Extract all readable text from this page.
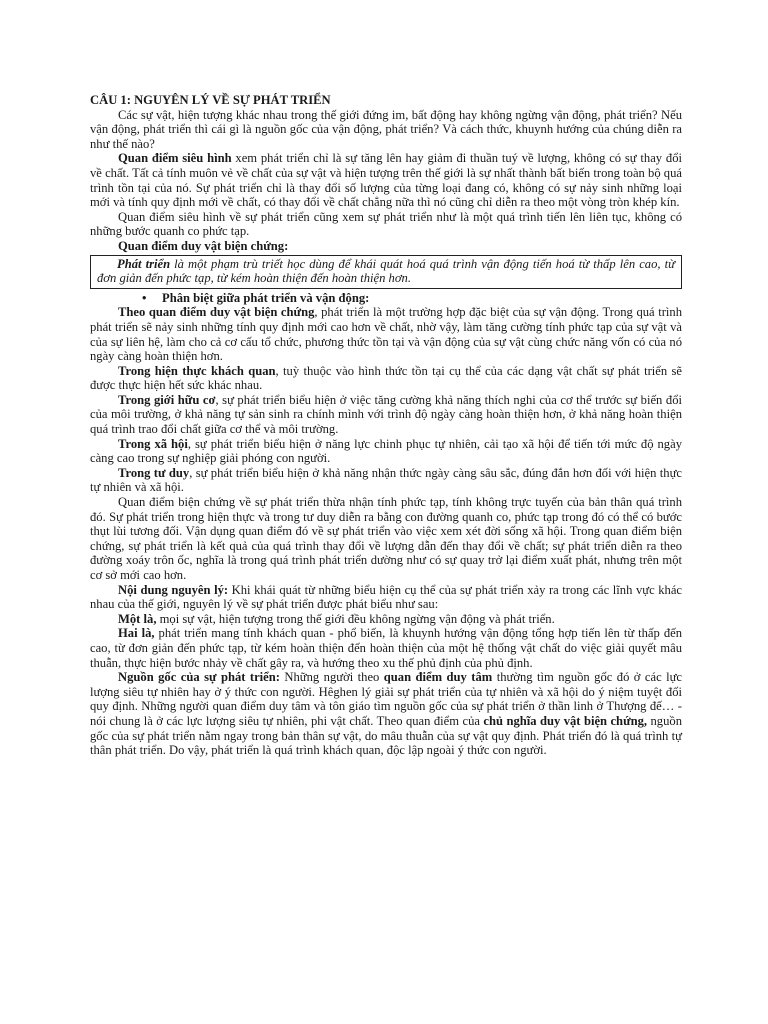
CÂU 1: NGUYÊN LÝ VỀ SỰ PHÁT TRIỂN

Các sự vật, hiện tượng khác nhau trong thế giới đứng im, bất động hay không ngừng vận động, phát triển? Nếu vận động, phát triển thì cái gì là nguồn gốc của vận động, phát triển? Và cách thức, khuynh hướng của chúng diễn ra như thế nào?

Quan điểm siêu hình xem phát triển chỉ là sự tăng lên hay giảm đi thuần tuý về lượng, không có sự thay đổi về chất. Tất cả tính muôn vẻ về chất của sự vật và hiện tượng trên thế giới là sự nhất thành bất biến trong toàn bộ quá trình tồn tại của nó. Sự phát triển chỉ là thay đổi số lượng của từng loại đang có, không có sự nảy sinh những loại mới và tính quy định mới về chất, có thay đổi về chất chẳng nữa thì nó cũng chỉ diễn ra theo một vòng tròn khép kín.

Quan điểm siêu hình về sự phát triển cũng xem sự phát triển như là một quá trình tiến lên liên tục, không có những bước quanh co phức tạp.

Quan điểm duy vật biện chứng:

Phát triển là một phạm trù triết học dùng để khái quát hoá quá trình vận động tiến hoá từ thấp lên cao, từ đơn giản đến phức tạp, từ kém hoàn thiện đến hoàn thiện hơn.

• Phân biệt giữa phát triển và vận động:

Theo quan điểm duy vật biện chứng, phát triển là một trường hợp đặc biệt của sự vận động. Trong quá trình phát triển sẽ nảy sinh những tính quy định mới cao hơn về chất, nhờ vậy, làm tăng cường tính phức tạp của sự vật và của sự liên hệ, làm cho cả cơ cấu tổ chức, phương thức tồn tại và vận động của sự vật cùng chức năng vốn có của nó ngày càng hoàn thiện hơn.

Trong hiện thực khách quan, tuỳ thuộc vào hình thức tồn tại cụ thể của các dạng vật chất sự phát triển sẽ được thực hiện hết sức khác nhau.

Trong giới hữu cơ, sự phát triển biểu hiện ở việc tăng cường khả năng thích nghi của cơ thể trước sự biến đổi của môi trường, ở khả năng tự sản sinh ra chính mình với trình độ ngày càng hoàn thiện hơn, ở khả năng hoàn thiện quá trình trao đổi chất giữa cơ thể và môi trường.

Trong xã hội, sự phát triển biểu hiện ở năng lực chinh phục tự nhiên, cải tạo xã hội để tiến tới mức độ ngày càng cao trong sự nghiệp giải phóng con người.

Trong tư duy, sự phát triển biểu hiện ở khả năng nhận thức ngày càng sâu sắc, đúng đắn hơn đối với hiện thực tự nhiên và xã hội.

Quan điểm biện chứng về sự phát triển thừa nhận tính phức tạp, tính không trực tuyến của bản thân quá trình đó. Sự phát triển trong hiện thực và trong tư duy diễn ra bằng con đường quanh co, phức tạp trong đó có thể có bước thụt lùi tương đối. Vận dụng quan điểm đó về sự phát triển vào việc xem xét đời sống xã hội. Trong quan điểm biện chứng, sự phát triển là kết quả của quá trình thay đổi về lượng dẫn đến thay đổi về chất; sự phát triển diễn ra theo đường xoáy trôn ốc, nghĩa là trong quá trình phát triển dường như có sự quay trở lại điểm xuất phát, nhưng trên một cơ sở mới cao hơn.

Nội dung nguyên lý: Khi khái quát từ những biểu hiện cụ thể của sự phát triển xảy ra trong các lĩnh vực khác nhau của thế giới, nguyên lý về sự phát triển được phát biểu như sau:

Một là, mọi sự vật, hiện tượng trong thế giới đều không ngừng vận động và phát triển.

Hai là, phát triển mang tính khách quan - phổ biến, là khuynh hướng vận động tổng hợp tiến lên từ thấp đến cao, từ đơn giản đến phức tạp, từ kém hoàn thiện đến hoàn thiện của một hệ thống vật chất do việc giải quyết mâu thuẫn, thực hiện bước nhảy về chất gây ra, và hướng theo xu thế phủ định của phủ định.

Nguồn gốc của sự phát triển: Những người theo quan điểm duy tâm thường tìm nguồn gốc đó ở các lực lượng siêu tự nhiên hay ở ý thức con người. Hêghen lý giải sự phát triển của tự nhiên và xã hội do ý niệm tuyệt đối quy định. Những người quan điểm duy tâm và tôn giáo tìm nguồn gốc của sự phát triển ở thần linh ở Thượng đế… - nói chung là ở các lực lượng siêu tự nhiên, phi vật chất. Theo quan điểm của chủ nghĩa duy vật biện chứng, nguồn gốc của sự phát triển nằm ngay trong bản thân sự vật, do mâu thuẫn của sự vật quy định. Phát triển đó là quá trình tự thân phát triển. Do vậy, phát triển là quá trình khách quan, độc lập ngoài ý thức con người.
